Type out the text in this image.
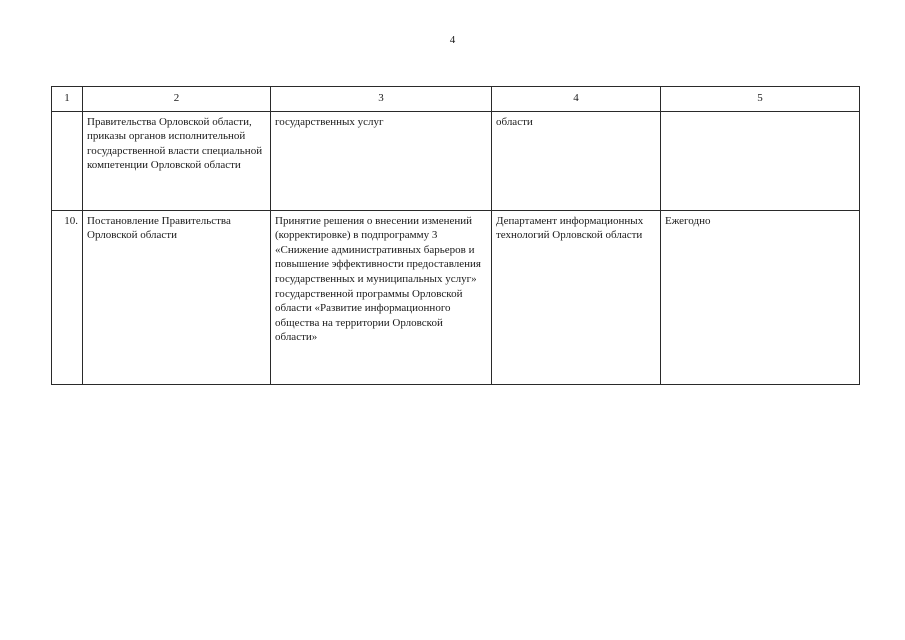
4
1	2	3	4	5
	Правительства Орловской области, приказы органов исполнительной государственной власти специальной компетенции Орловской области	государственных услуг	области	
10.	Постановление Правительства Орловской области	Принятие решения о внесении изменений (корректировке) в подпрограмму 3 «Снижение административных барьеров и повышение эффективности предоставления государственных и муниципальных услуг» государственной программы Орловской области «Развитие информационного общества на территории Орловской области»	Департамент информационных технологий Орловской области	Ежегодно
